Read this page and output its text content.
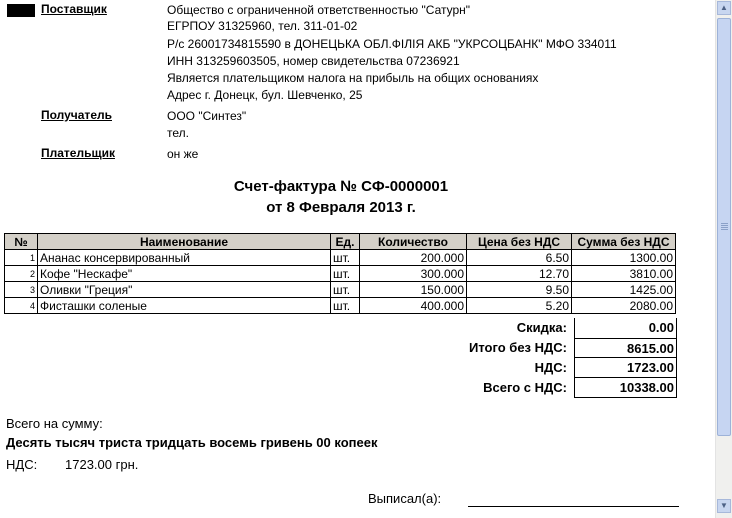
Поставщик	Общество с ограниченной ответственностью "Сатурн"
ЕГРПОУ 31325960, тел. 311-01-02
Р/с 26001734815590 в ДОНЕЦЬКА ОБЛ.ФІЛІЯ АКБ "УКРСОЦБАНК" МФО 334011
ИНН 313259603505, номер свидетельства 07236921
Является плательщиком налога на прибыль на общих основаниях
Адрес г. Донецк, бул. Шевченко, 25
Получатель	ООО "Синтез"
тел.
Плательщик	он же
Счет-фактура № СФ-0000001
от 8 Февраля 2013 г.
№	Наименование	Ед.	Количество	Цена без НДС	Сумма без НДС
1	Ананас консервированный	шт.	200.000	6.50	1300.00
2	Кофе "Нескафе"	шт.	300.000	12.70	3810.00
3	Оливки "Греция"	шт.	150.000	9.50	1425.00
4	Фисташки соленые	шт.	400.000	5.20	2080.00
Скидка:	0.00
Итого без НДС:	8615.00
НДС:	1723.00
Всего с НДС:	10338.00
Всего на сумму:
Десять тысяч триста тридцать восемь гривень 00 копеек
НДС: 1723.00 грн.
Выписал(а):
▲
▼
